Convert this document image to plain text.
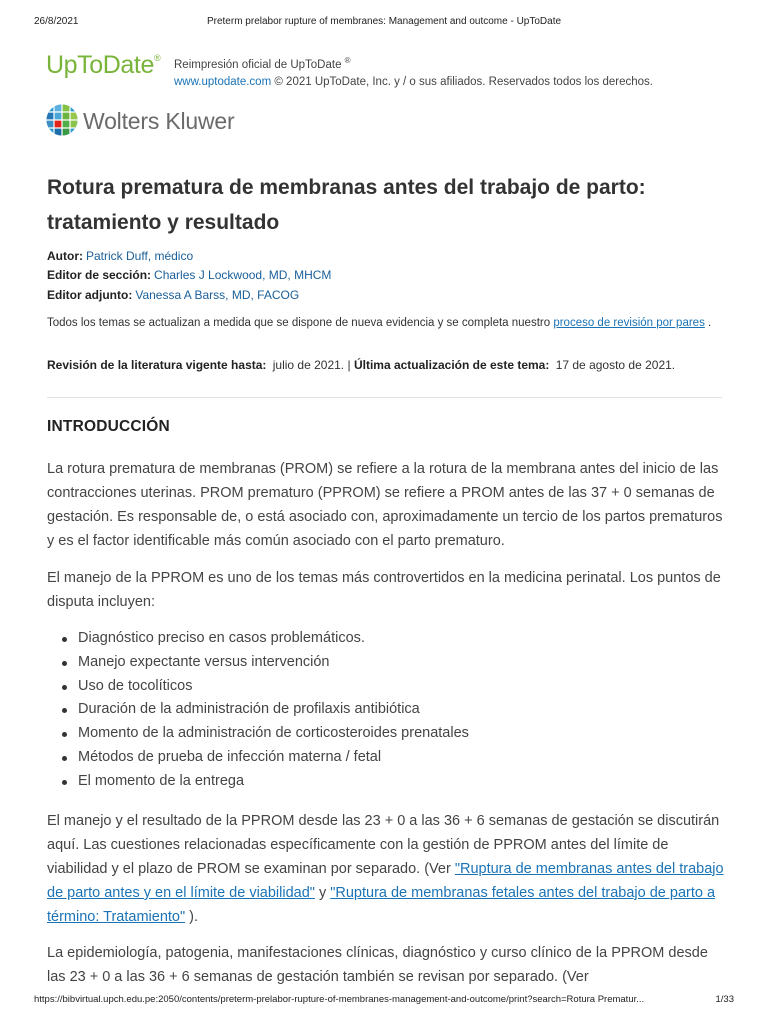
26/8/2021	Preterm prelabor rupture of membranes: Management and outcome - UpToDate
UpToDate®
Reimpresión oficial de UpToDate ®
www.uptodate.com © 2021 UpToDate, Inc. y / o sus afiliados. Reservados todos los derechos.
Wolters Kluwer
Rotura prematura de membranas antes del trabajo de parto: tratamiento y resultado
Autor: Patrick Duff, médico
Editor de sección: Charles J Lockwood, MD, MHCM
Editor adjunto: Vanessa A Barss, MD, FACOG

Todos los temas se actualizan a medida que se dispone de nueva evidencia y se completa nuestro proceso de revisión por pares .

Revisión de la literatura vigente hasta: julio de 2021. | Última actualización de este tema: 17 de agosto de 2021.
INTRODUCCIÓN

La rotura prematura de membranas (PROM) se refiere a la rotura de la membrana antes del inicio de las contracciones uterinas. PROM prematuro (PPROM) se refiere a PROM antes de las 37 + 0 semanas de gestación. Es responsable de, o está asociado con, aproximadamente un tercio de los partos prematuros y es el factor identificable más común asociado con el parto prematuro.

El manejo de la PPROM es uno de los temas más controvertidos en la medicina perinatal. Los puntos de disputa incluyen:

Diagnóstico preciso en casos problemáticos.
Manejo expectante versus intervención
Uso de tocolíticos
Duración de la administración de profilaxis antibiótica
Momento de la administración de corticosteroides prenatales
Métodos de prueba de infección materna / fetal
El momento de la entrega

El manejo y el resultado de la PPROM desde las 23 + 0 a las 36 + 6 semanas de gestación se discutirán aquí. Las cuestiones relacionadas específicamente con la gestión de PPROM antes del límite de viabilidad y el plazo de PROM se examinan por separado. (Ver "Ruptura de membranas antes del trabajo de parto antes y en el límite de viabilidad" y "Ruptura de membranas fetales antes del trabajo de parto a término: Tratamiento" ).

La epidemiología, patogenia, manifestaciones clínicas, diagnóstico y curso clínico de la PPROM desde las 23 + 0 a las 36 + 6 semanas de gestación también se revisan por separado. (Ver

https://bibvirtual.upch.edu.pe:2050/contents/preterm-prelabor-rupture-of-membranes-management-and-outcome/print?search=Rotura Prematur...	1/33
